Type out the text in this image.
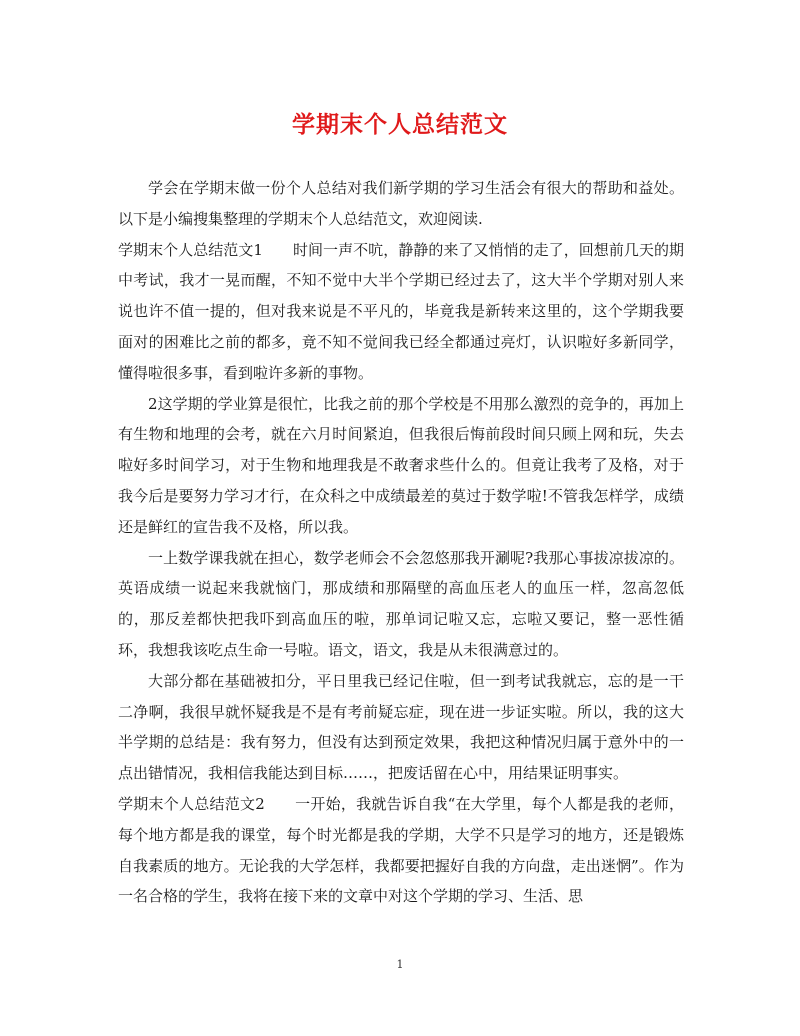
学期末个人总结范文

学会在学期末做一份个人总结对我们新学期的学习生活会有很大的帮助和益处。以下是小编搜集整理的学期末个人总结范文，欢迎阅读.

学期末个人总结范文1 时间一声不吭，静静的来了又悄悄的走了，回想前几天的期中考试，我才一晃而醒，不知不觉中大半个学期已经过去了，这大半个学期对别人来说也许不值一提的，但对我来说是不平凡的，毕竟我是新转来这里的，这个学期我要面对的困难比之前的都多，竟不知不觉间我已经全都通过亮灯，认识啦好多新同学，懂得啦很多事，看到啦许多新的事物。

2这学期的学业算是很忙，比我之前的那个学校是不用那么激烈的竞争的，再加上有生物和地理的会考，就在六月时间紧迫，但我很后悔前段时间只顾上网和玩，失去啦好多时间学习，对于生物和地理我是不敢奢求些什么的。但竟让我考了及格，对于我今后是要努力学习才行，在众科之中成绩最差的莫过于数学啦!不管我怎样学，成绩还是鲜红的宣告我不及格，所以我。

一上数学课我就在担心，数学老师会不会忽悠那我开涮呢?我那心事拔凉拔凉的。英语成绩一说起来我就恼门，那成绩和那隔壁的高血压老人的血压一样，忽高忽低的，那反差都快把我吓到高血压的啦，那单词记啦又忘，忘啦又要记，整一恶性循环，我想我该吃点生命一号啦。语文，语文，我是从未很满意过的。

大部分都在基础被扣分，平日里我已经记住啦，但一到考试我就忘，忘的是一干二净啊，我很早就怀疑我是不是有考前疑忘症，现在进一步证实啦。所以，我的这大半学期的总结是：我有努力，但没有达到预定效果，我把这种情况归属于意外中的一点出错情况，我相信我能达到目标……，把废话留在心中，用结果证明事实。

学期末个人总结范文2 一开始，我就告诉自我“在大学里，每个人都是我的老师，每个地方都是我的课堂，每个时光都是我的学期，大学不只是学习的地方，还是锻炼自我素质的地方。无论我的大学怎样，我都要把握好自我的方向盘，走出迷惘”。作为一名合格的学生，我将在接下来的文章中对这个学期的学习、生活、思

1
